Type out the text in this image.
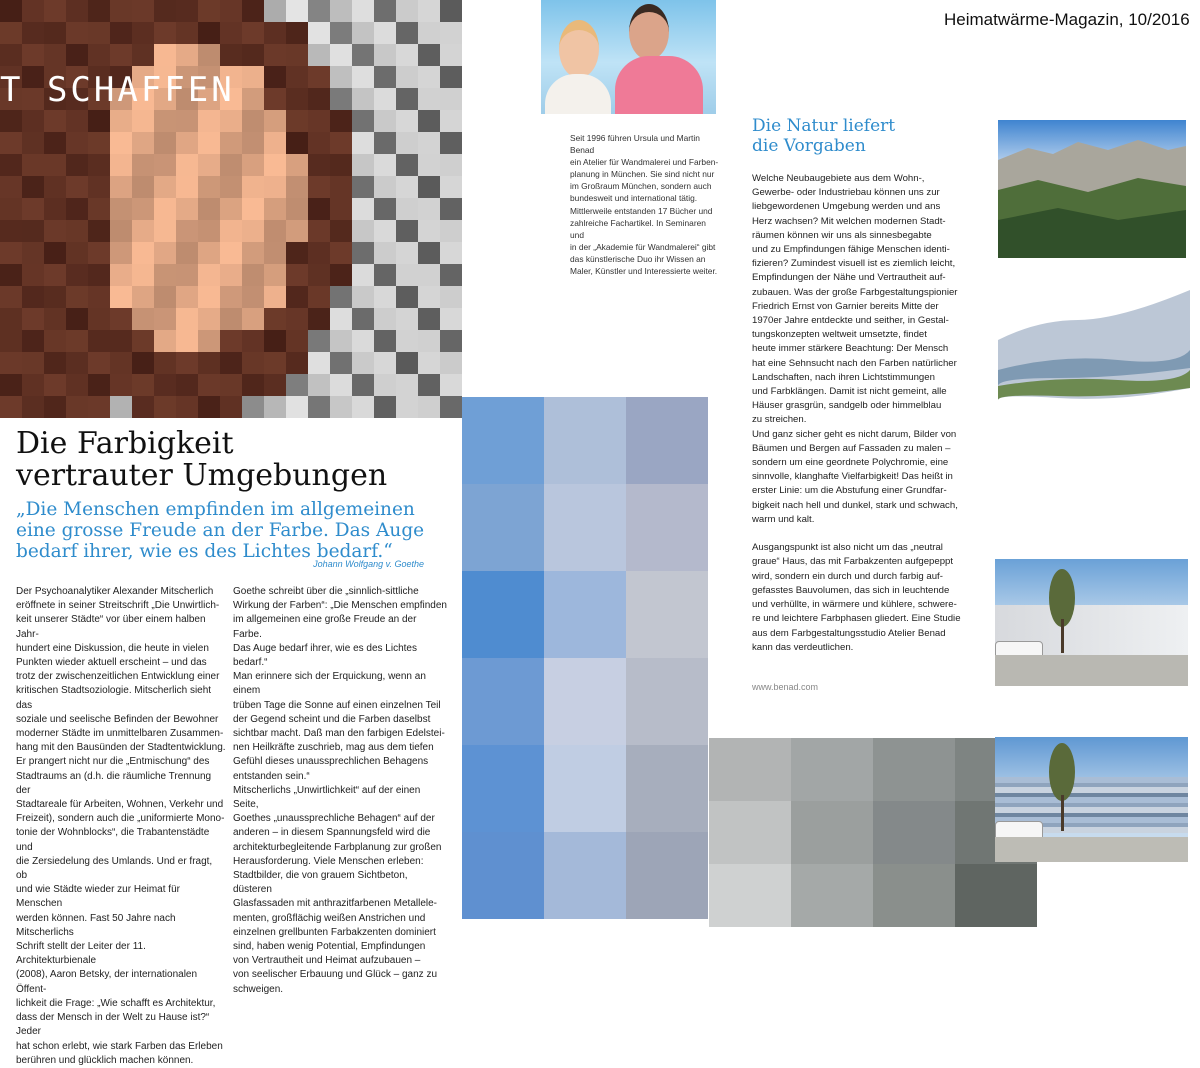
T SCHAFFEN
Heimatwärme-Magazin, 10/2016
Die Farbigkeit
vertrauter Umgebungen
„Die Menschen empfinden im allgemeinen eine grosse Freude an der Farbe. Das Auge bedarf ihrer, wie es des Lichtes bedarf.“
Johann Wolfgang v. Goethe
Der Psychoanalytiker Alexander Mitscherlich
eröffnete in seiner Streitschrift „Die Unwirtlich-
keit unserer Städte“ vor über einem halben Jahr-
hundert eine Diskussion, die heute in vielen
Punkten wieder aktuell erscheint – und das
trotz der zwischenzeitlichen Entwicklung einer
kritischen Stadtsoziologie. Mitscherlich sieht das
soziale und seelische Befinden der Bewohner
moderner Städte im unmittelbaren Zusammen-
hang mit den Bausünden der Stadtentwicklung.
Er prangert nicht nur die „Entmischung“ des
Stadtraums an (d.h. die räumliche Trennung der
Stadtareale für Arbeiten, Wohnen, Verkehr und
Freizeit), sondern auch die „uniformierte Mono-
tonie der Wohnblocks“, die Trabantenstädte und
die Zersiedelung des Umlands. Und er fragt, ob
und wie Städte wieder zur Heimat für Menschen
werden können. Fast 50 Jahre nach Mitscherlichs
Schrift stellt der Leiter der 11. Architekturbienale
(2008), Aaron Betsky, der internationalen Öffent-
lichkeit die Frage: „Wie schafft es Architektur,
dass der Mensch in der Welt zu Hause ist?“ Jeder
hat schon erlebt, wie stark Farben das Erleben
berühren und glücklich machen können.
Goethe schreibt über die „sinnlich-sittliche
Wirkung der Farben“: „Die Menschen empfinden
im allgemeinen eine große Freude an der Farbe.
Das Auge bedarf ihrer, wie es des Lichtes bedarf.“
Man erinnere sich der Erquickung, wenn an einem
trüben Tage die Sonne auf einen einzelnen Teil
der Gegend scheint und die Farben daselbst
sichtbar macht. Daß man den farbigen Edelstei-
nen Heilkräfte zuschrieb, mag aus dem tiefen
Gefühl dieses unaussprechlichen Behagens
entstanden sein.“
Mitscherlichs „Unwirtlichkeit“ auf der einen Seite,
Goethes „unaussprechliche Behagen“ auf der
anderen – in diesem Spannungsfeld wird die
architekturbegleitende Farbplanung zur großen
Herausforderung. Viele Menschen erleben:
Stadtbilder, die von grauem Sichtbeton, düsteren
Glasfassaden mit anthrazitfarbenen Metallele-
menten, großflächig weißen Anstrichen und
einzelnen grellbunten Farbakzenten dominiert
sind, haben wenig Potential, Empfindungen
von Vertrautheit und Heimat aufzubauen –
von seelischer Erbauung und Glück – ganz zu
schweigen.
Seit 1996 führen Ursula und Martin Benad
ein Atelier für Wandmalerei und Farben-
planung in München. Sie sind nicht nur
im Großraum München, sondern auch
bundesweit und international tätig.
Mittlerweile entstanden 17 Bücher und
zahlreiche Fachartikel. In Seminaren und
in der „Akademie für Wandmalerei“ gibt
das künstlerische Duo ihr Wissen an
Maler, Künstler und Interessierte weiter.
Die Natur liefert
die Vorgaben
Welche Neubaugebiete aus dem Wohn-,
Gewerbe- oder Industriebau können uns zur
liebgewordenen Umgebung werden und ans
Herz wachsen? Mit welchen modernen Stadt-
räumen können wir uns als sinnesbegabte
und zu Empfindungen fähige Menschen identi-
fizieren? Zumindest visuell ist es ziemlich leicht,
Empfindungen der Nähe und Vertrautheit auf-
zubauen. Was der große Farbgestaltungspionier
Friedrich Ernst von Garnier bereits Mitte der
1970er Jahre entdeckte und seither, in Gestal-
tungskonzepten weltweit umsetzte, findet
heute immer stärkere Beachtung: Der Mensch
hat eine Sehnsucht nach den Farben natürlicher
Landschaften, nach ihren Lichtstimmungen
und Farbklängen. Damit ist nicht gemeint, alle
Häuser grasgrün, sandgelb oder himmelblau
zu streichen.
Und ganz sicher geht es nicht darum, Bilder von
Bäumen und Bergen auf Fassaden zu malen –
sondern um eine geordnete Polychromie, eine
sinnvolle, klanghafte Vielfarbigkeit! Das heißt in
erster Linie: um die Abstufung einer Grundfar-
bigkeit nach hell und dunkel, stark und schwach,
warm und kalt.

Ausgangspunkt ist also nicht um das „neutral
graue“ Haus, das mit Farbakzenten aufgepeppt
wird, sondern ein durch und durch farbig auf-
gefasstes Bauvolumen, das sich in leuchtende
und verhüllte, in wärmere und kühlere, schwere-
re und leichtere Farbphasen gliedert. Eine Studie
aus dem Farbgestaltungsstudio Atelier Benad
kann das verdeutlichen.
www.benad.com
